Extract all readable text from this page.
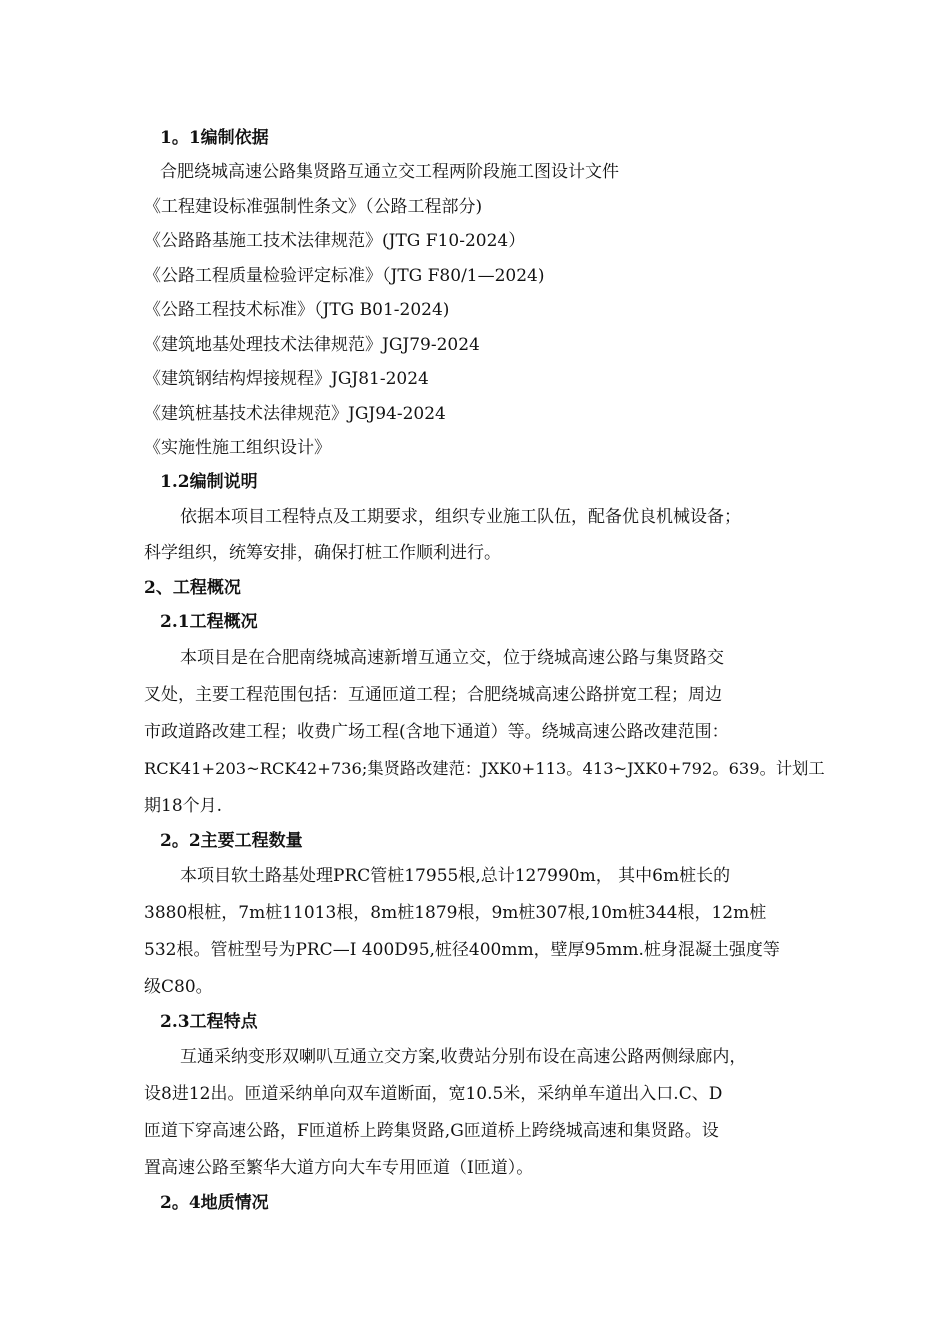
1。1编制依据
合肥绕城高速公路集贤路互通立交工程两阶段施工图设计文件
《工程建设标准强制性条文》（公路工程部分)
《公路路基施工技术法律规范》(JTG F10-2024）
《公路工程质量检验评定标准》（JTG F80/1—2024)
《公路工程技术标准》（JTG B01-2024)
《建筑地基处理技术法律规范》JGJ79-2024
《建筑钢结构焊接规程》JGJ81-2024
《建筑桩基技术法律规范》JGJ94-2024
《实施性施工组织设计》
1.2编制说明
依据本项目工程特点及工期要求，组织专业施工队伍，配备优良机械设备；
科学组织，统筹安排，确保打桩工作顺利进行。
2、工程概况
2.1工程概况
本项目是在合肥南绕城高速新增互通立交，位于绕城高速公路与集贤路交
叉处，主要工程范围包括：互通匝道工程；合肥绕城高速公路拼宽工程；周边
市政道路改建工程；收费广场工程(含地下通道）等。绕城高速公路改建范围：
RCK41+203~RCK42+736;集贤路改建范：JXK0+113。413~JXK0+792。639。计划工
期18个月.
2。2主要工程数量
本项目软土路基处理PRC管桩17955根,总计127990m， 其中6m桩长的
3880根桩，7m桩11013根，8m桩1879根，9m桩307根,10m桩344根，12m桩
532根。管桩型号为PRC—I 400D95,桩径400mm，壁厚95mm.桩身混凝土强度等
级C80。
2.3工程特点
互通采纳变形双喇叭互通立交方案,收费站分别布设在高速公路两侧绿廊内，
设8进12出。匝道采纳单向双车道断面，宽10.5米，采纳单车道出入口.C、D
匝道下穿高速公路，F匝道桥上跨集贤路,G匝道桥上跨绕城高速和集贤路。设
置高速公路至繁华大道方向大车专用匝道（I匝道）。
2。4地质情况
